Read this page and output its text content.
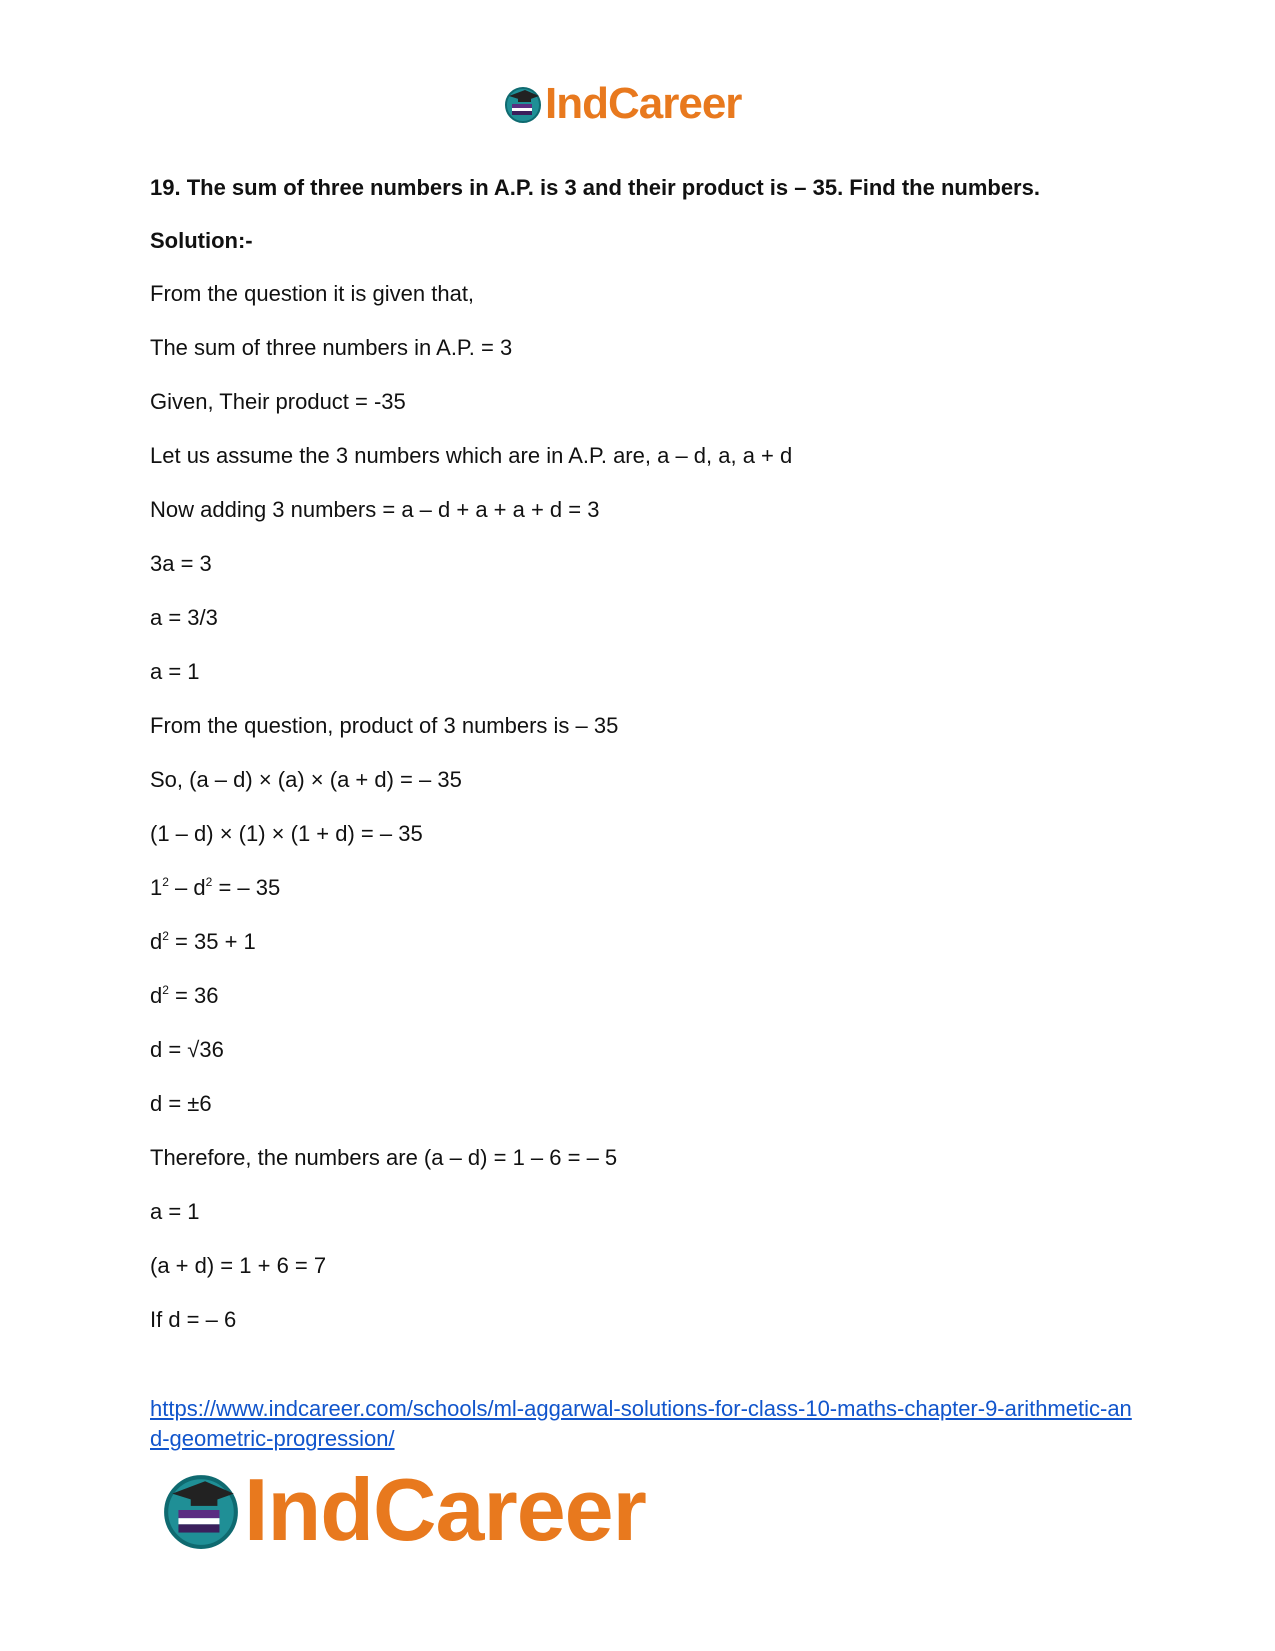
IndCareer
19. The sum of three numbers in A.P. is 3 and their product is – 35. Find the numbers.
Solution:-
From the question it is given that,
The sum of three numbers in A.P. = 3
Given, Their product = -35
Let us assume the 3 numbers which are in A.P. are, a – d, a, a + d
Now adding 3 numbers = a – d + a + a + d = 3
3a = 3
a = 3/3
a = 1
From the question, product of 3 numbers is – 35
So, (a – d) × (a) × (a + d) = – 35
(1 – d) × (1) × (1 + d) = – 35
$1^2 - d^2$ = – 35
$d^2 = 35 + 1$
$d^2 = 36$
d = √36
d = ±6
Therefore, the numbers are (a – d) = 1 – 6 = – 5
a = 1
(a + d) = 1 + 6 = 7
If d = – 6
https://www.indcareer.com/schools/ml-aggarwal-solutions-for-class-10-maths-chapter-9-arithmetic-and-geometric-progression/
IndCareer
